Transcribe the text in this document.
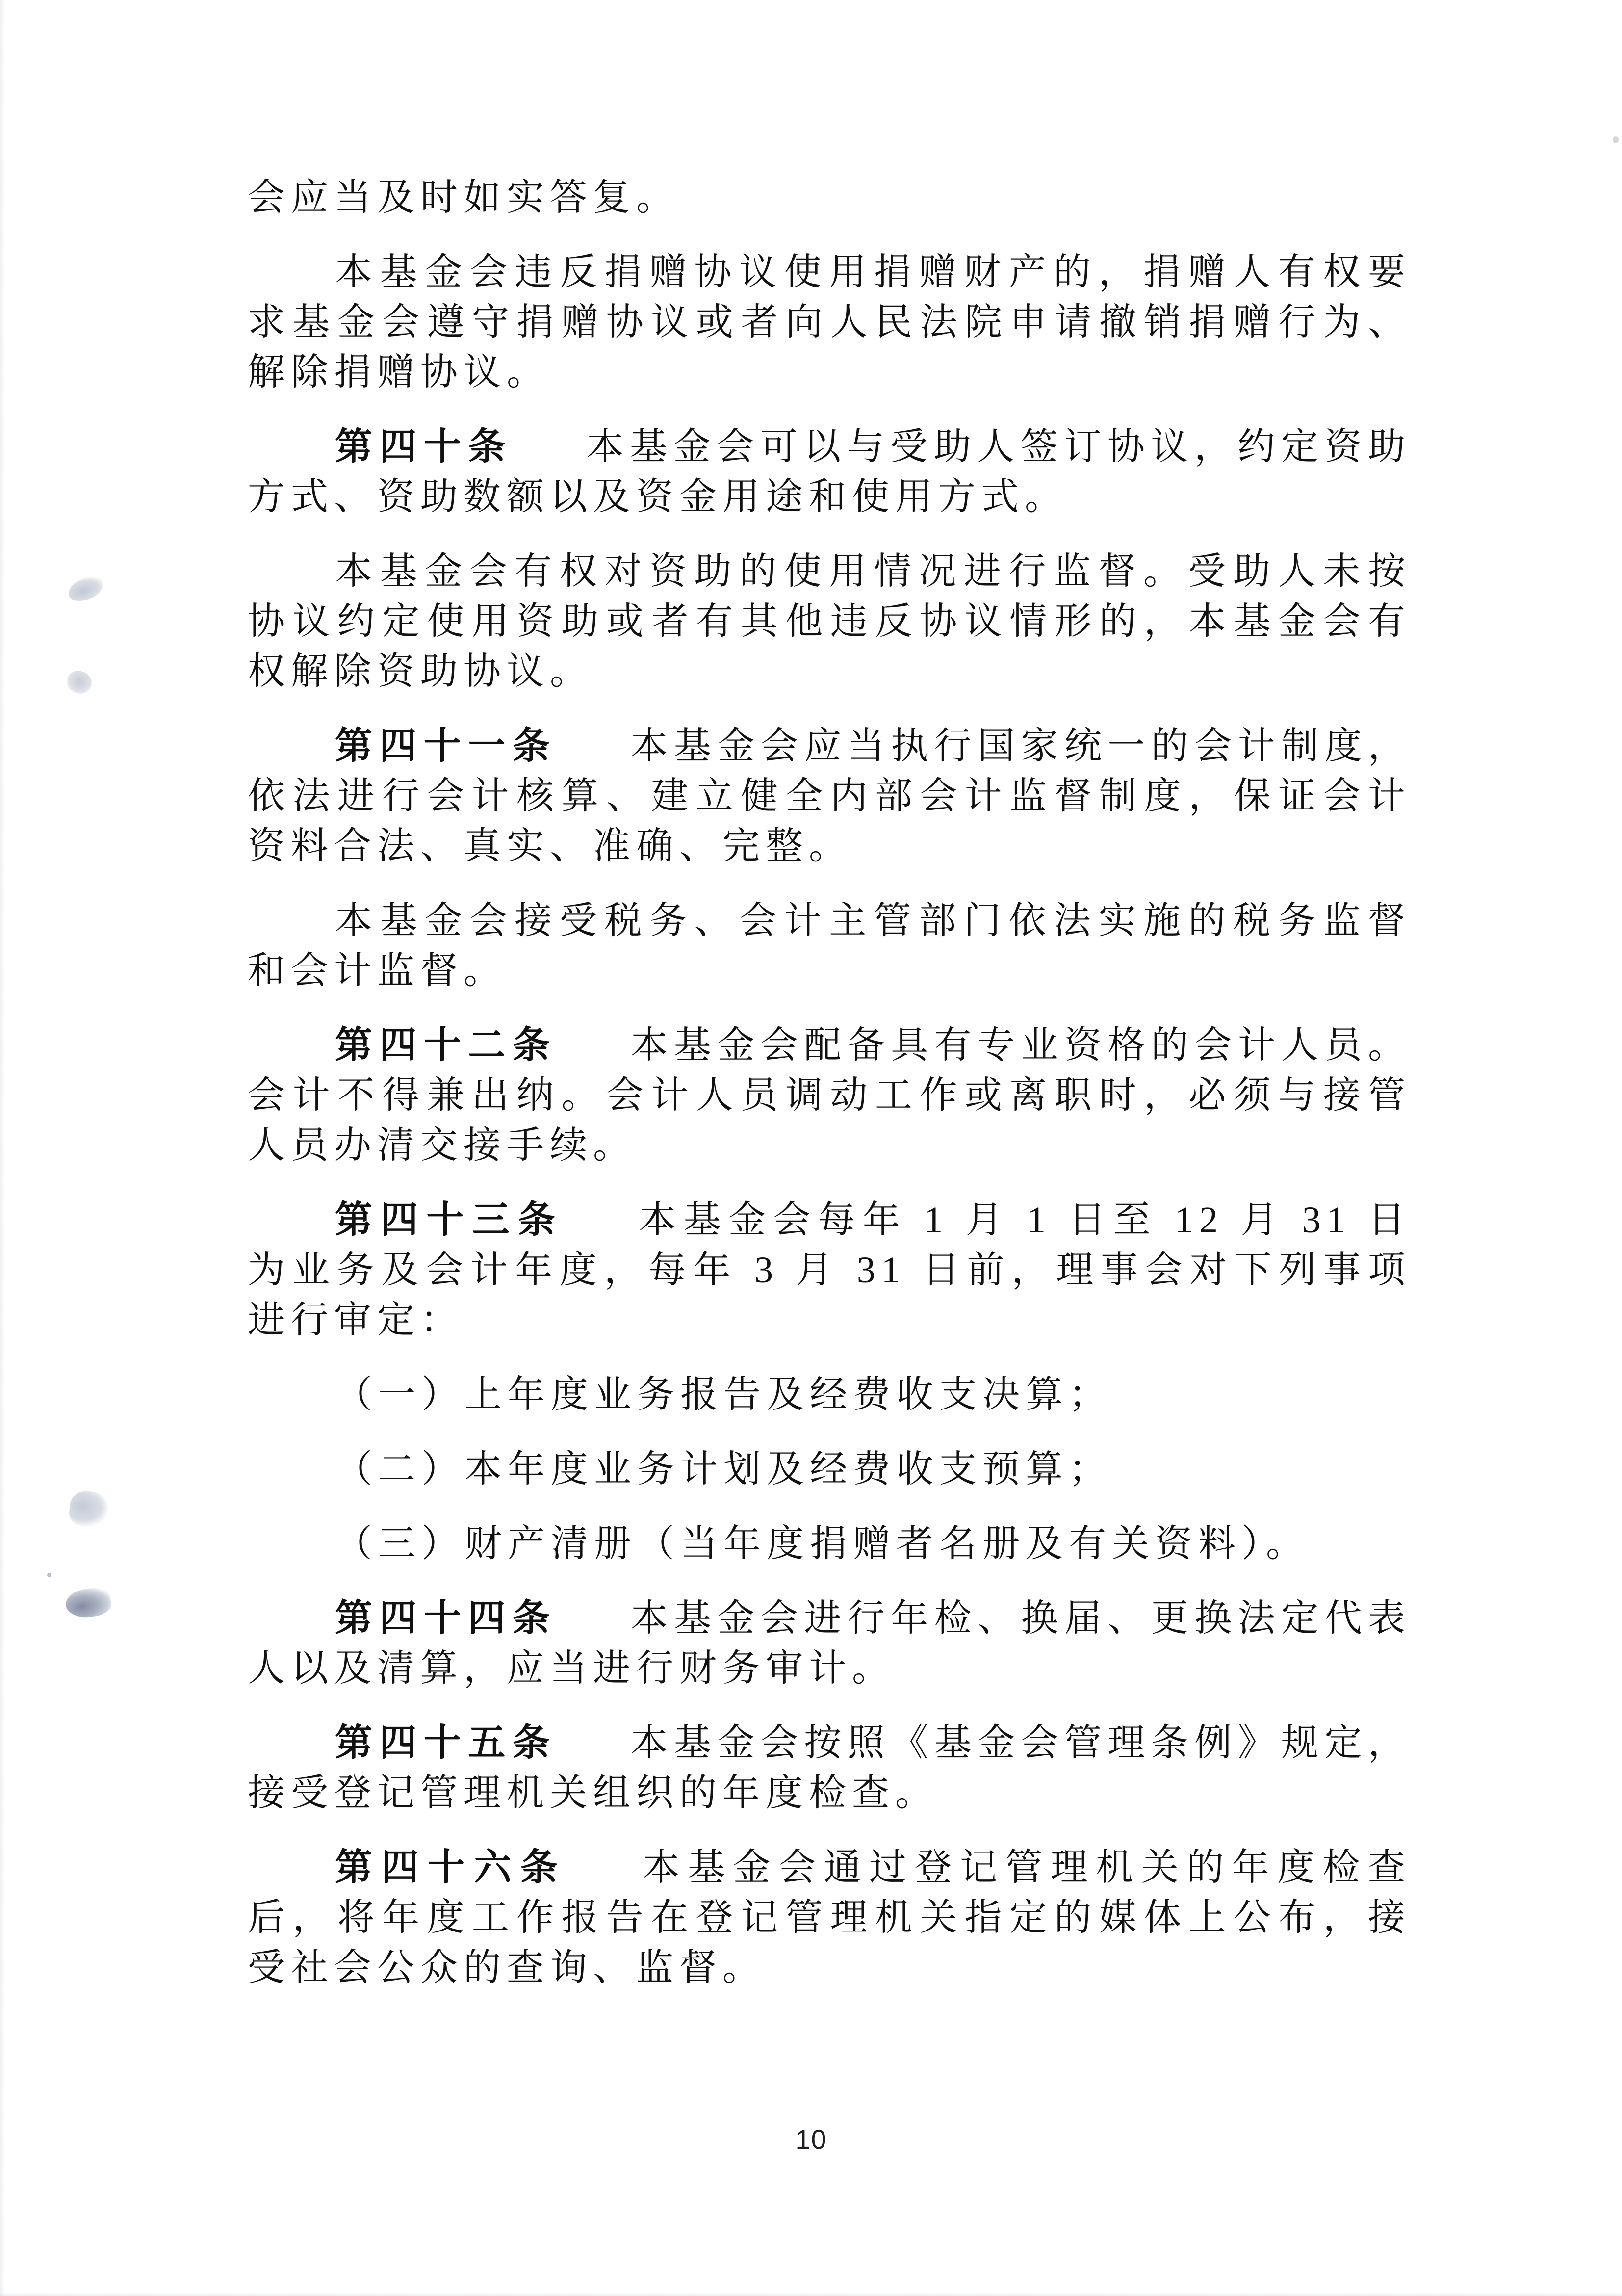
会应当及时如实答复。

本基金会违反捐赠协议使用捐赠财产的，捐赠人有权要求基金会遵守捐赠协议或者向人民法院申请撤销捐赠行为、解除捐赠协议。

第四十条 本基金会可以与受助人签订协议，约定资助方式、资助数额以及资金用途和使用方式。

本基金会有权对资助的使用情况进行监督。受助人未按协议约定使用资助或者有其他违反协议情形的，本基金会有权解除资助协议。

第四十一条 本基金会应当执行国家统一的会计制度，依法进行会计核算、建立健全内部会计监督制度，保证会计资料合法、真实、准确、完整。

本基金会接受税务、会计主管部门依法实施的税务监督和会计监督。

第四十二条 本基金会配备具有专业资格的会计人员。会计不得兼出纳。会计人员调动工作或离职时，必须与接管人员办清交接手续。

第四十三条 本基金会每年 1 月 1 日至 12 月 31 日为业务及会计年度，每年 3 月 31 日前，理事会对下列事项进行审定：

（一）上年度业务报告及经费收支决算；

（二）本年度业务计划及经费收支预算；

（三）财产清册（当年度捐赠者名册及有关资料）。

第四十四条 本基金会进行年检、换届、更换法定代表人以及清算，应当进行财务审计。

第四十五条 本基金会按照《基金会管理条例》规定，接受登记管理机关组织的年度检查。

第四十六条 本基金会通过登记管理机关的年度检查后，将年度工作报告在登记管理机关指定的媒体上公布，接受社会公众的查询、监督。

10
